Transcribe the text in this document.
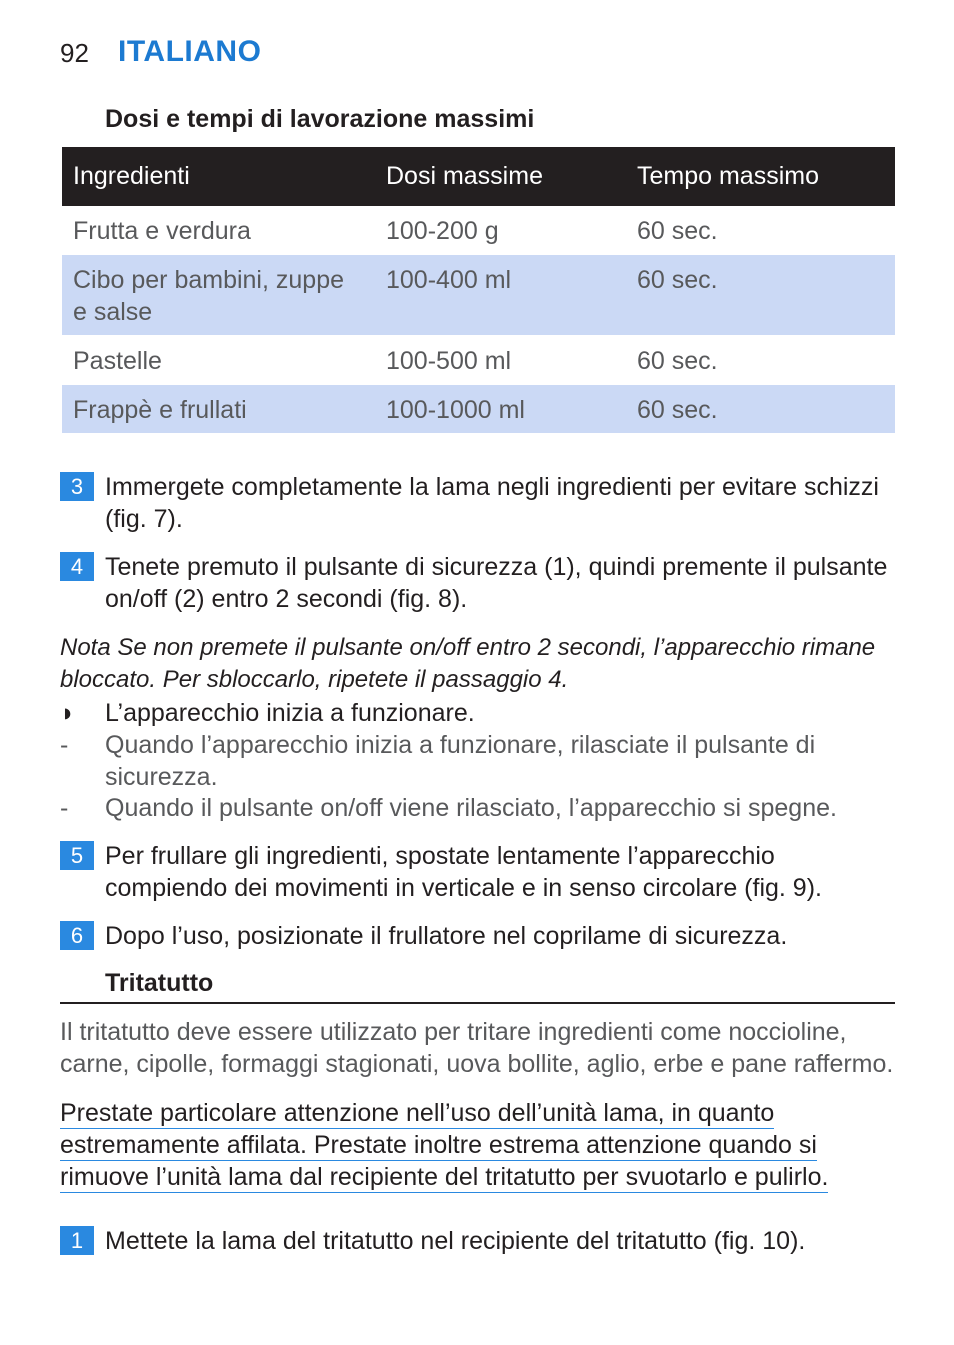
92 ITALIANO
Dosi e tempi di lavorazione massimi
Ingredienti	Dosi massime	Tempo massimo
Frutta e verdura	100-200 g	60 sec.
Cibo per bambini, zuppe e salse	100-400 ml	60 sec.
Pastelle	100-500 ml	60 sec.
Frappè e frullati	100-1000 ml	60 sec.
3 Immergete completamente la lama negli ingredienti per evitare schizzi (fig. 7).
4 Tenete premuto il pulsante di sicurezza (1), quindi premente il pulsante on/off (2) entro 2 secondi (fig. 8).
Nota Se non premete il pulsante on/off entro 2 secondi, l’apparecchio rimane bloccato. Per sbloccarlo, ripetete il passaggio 4.
◗ L’apparecchio inizia a funzionare.
- Quando l’apparecchio inizia a funzionare, rilasciate il pulsante di sicurezza.
- Quando il pulsante on/off viene rilasciato, l’apparecchio si spegne.
5 Per frullare gli ingredienti, spostate lentamente l’apparecchio compiendo dei movimenti in verticale e in senso circolare (fig. 9).
6 Dopo l’uso, posizionate il frullatore nel coprilame di sicurezza.
Tritatutto
Il tritatutto deve essere utilizzato per tritare ingredienti come noccioline, carne, cipolle, formaggi stagionati, uova bollite, aglio, erbe e pane raffermo.
Prestate particolare attenzione nell’uso dell’unità lama, in quanto
estremamente affilata. Prestate inoltre estrema attenzione quando si
rimuove l’unità lama dal recipiente del tritatutto per svuotarlo e pulirlo.
1 Mettete la lama del tritatutto nel recipiente del tritatutto (fig. 10).
